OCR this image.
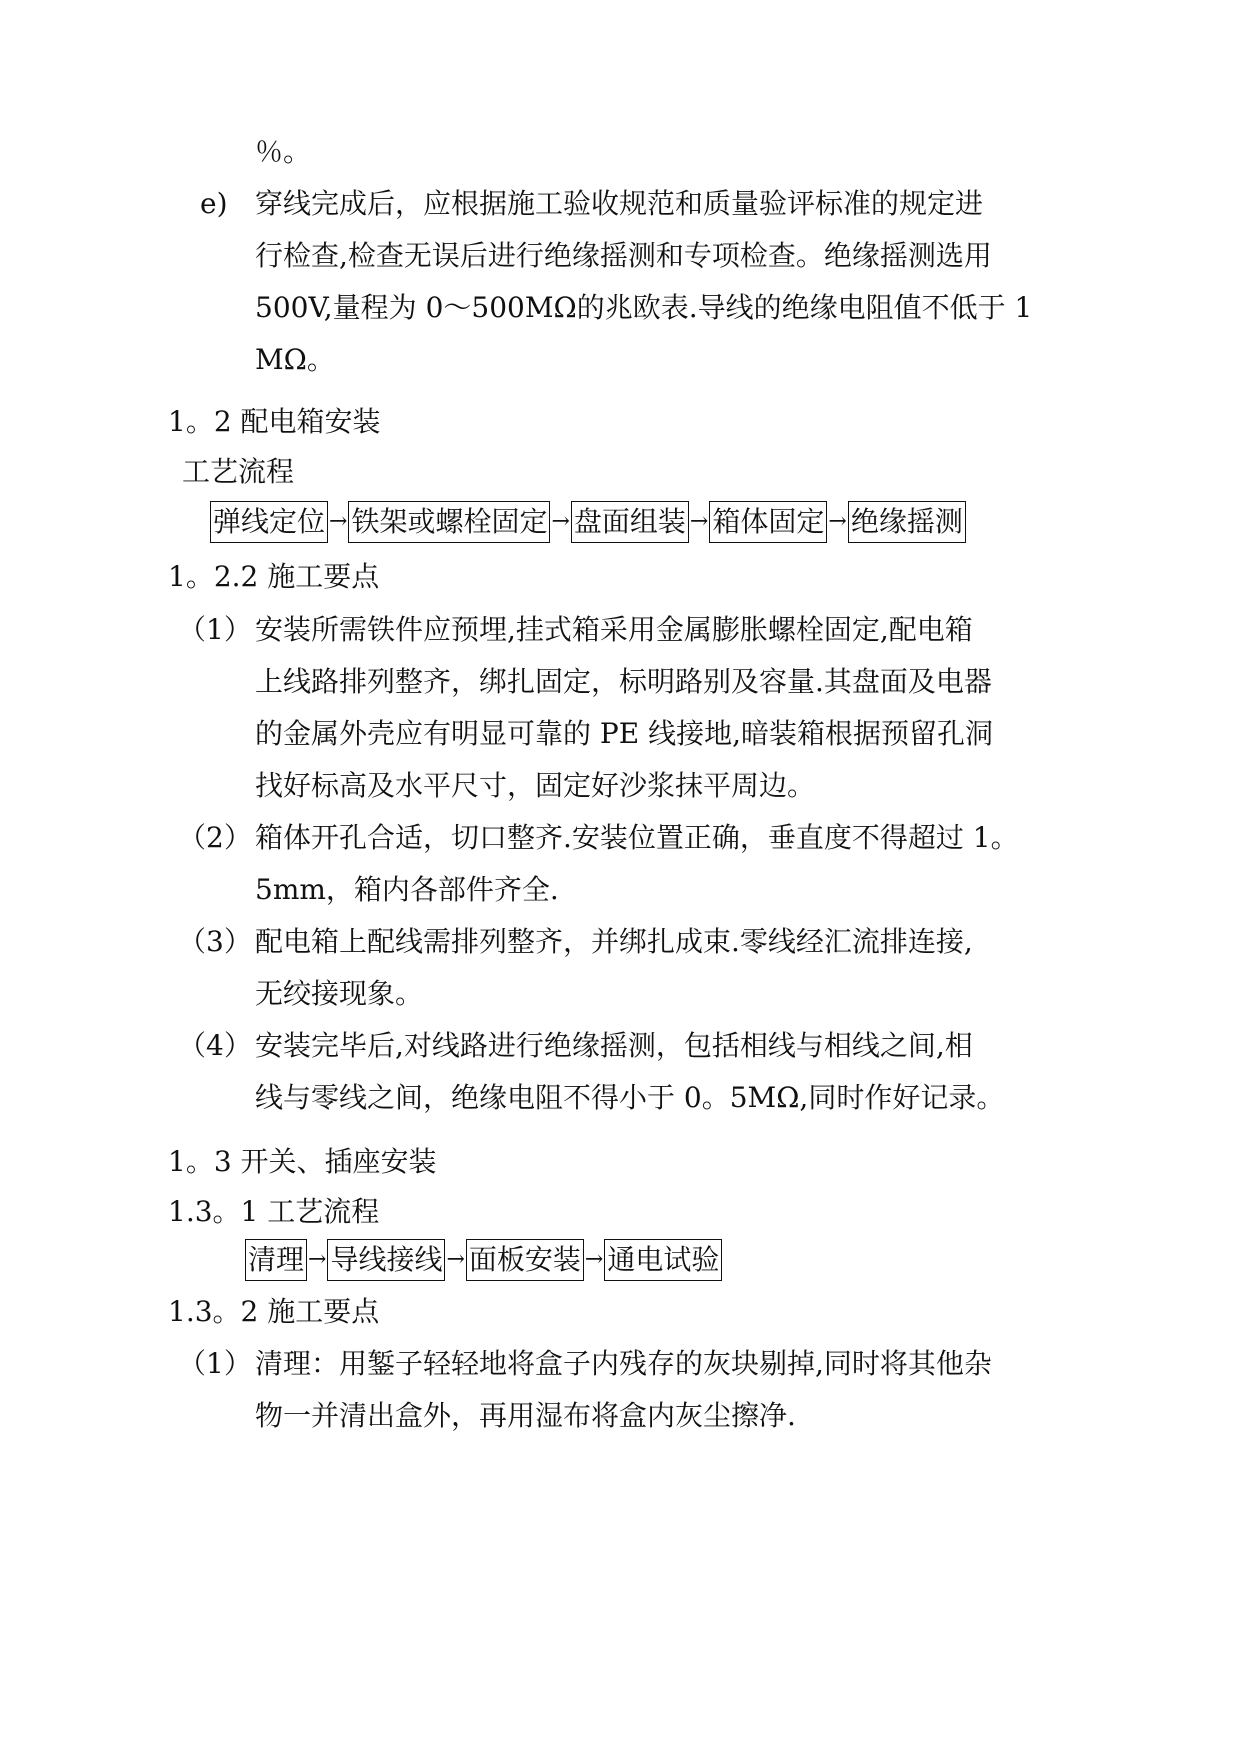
％。
e) 穿线完成后，应根据施工验收规范和质量验评标准的规定进
行检查,检查无误后进行绝缘摇测和专项检查。绝缘摇测选用
500V,量程为 0～500MΩ的兆欧表.导线的绝缘电阻值不低于 1
MΩ。
1。2 配电箱安装
工艺流程
弹线定位 → 铁架或螺栓固定 → 盘面组装 → 箱体固定 → 绝缘摇测
1。2.2 施工要点
（1） 安装所需铁件应预埋,挂式箱采用金属膨胀螺栓固定,配电箱
上线路排列整齐，绑扎固定，标明路别及容量.其盘面及电器
的金属外壳应有明显可靠的 PE 线接地,暗装箱根据预留孔洞
找好标高及水平尺寸，固定好沙浆抹平周边。
（2） 箱体开孔合适，切口整齐.安装位置正确，垂直度不得超过 1。
5mm，箱内各部件齐全.
（3） 配电箱上配线需排列整齐，并绑扎成束.零线经汇流排连接,
无绞接现象。
（4） 安装完毕后,对线路进行绝缘摇测，包括相线与相线之间,相
线与零线之间，绝缘电阻不得小于 0。5MΩ,同时作好记录。
1。3 开关、插座安装
1.3。1 工艺流程
清理 → 导线接线 → 面板安装 → 通电试验
1.3。2 施工要点
（1） 清理：用錾子轻轻地将盒子内残存的灰块剔掉,同时将其他杂
物一并清出盒外，再用湿布将盒内灰尘擦净.
